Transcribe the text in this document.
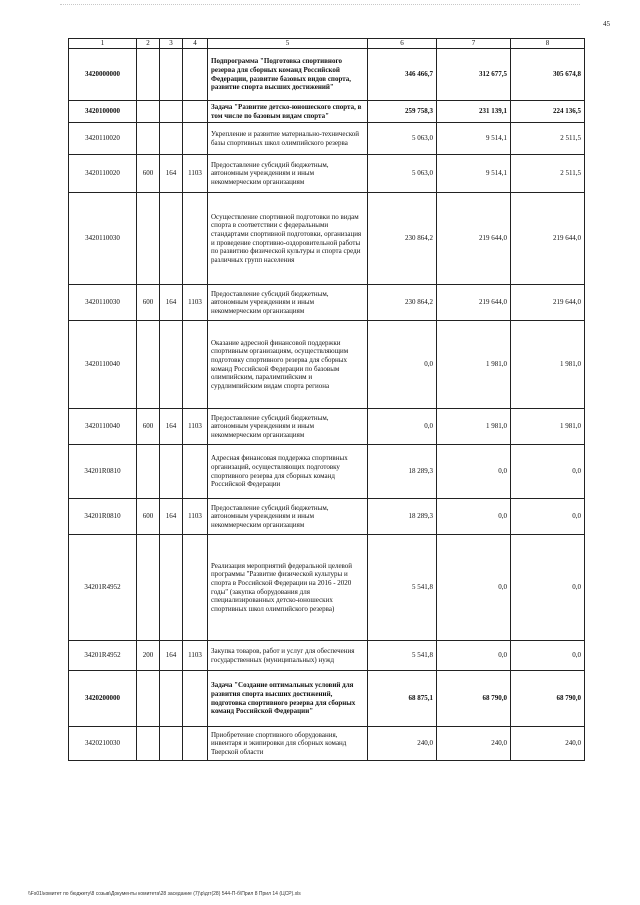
45
1	2	3	4	5	6	7	8
3420000000				Подпрограмма "Подготовка спортивного резерва для сборных команд Российской Федерации, развитие базовых видов спорта, развитие спорта высших достижений"	346 466,7	312 677,5	305 674,8
3420100000				Задача "Развитие детско-юношеского спорта, в том числе по базовым видам спорта"	259 758,3	231 139,1	224 136,5
3420110020				Укрепление и развитие материально-технической базы спортивных школ олимпийского резерва	5 063,0	9 514,1	2 511,5
3420110020	600	164	1103	Предоставление субсидий бюджетным, автономным учреждениям и иным некоммерческим организациям	5 063,0	9 514,1	2 511,5
3420110030				Осуществление спортивной подготовки по видам спорта в соответствии с федеральными стандартами спортивной подготовки, организация и проведение спортивно-оздоровительной работы по развитию физической культуры и спорта среди различных групп населения	230 864,2	219 644,0	219 644,0
3420110030	600	164	1103	Предоставление субсидий бюджетным, автономным учреждениям и иным некоммерческим организациям	230 864,2	219 644,0	219 644,0
3420110040				Оказание адресной финансовой поддержки спортивным организациям, осуществляющим подготовку спортивного резерва для сборных команд Российской Федерации по базовым олимпийским, паралимпийским и сурдлимпийским видам спорта региона	0,0	1 981,0	1 981,0
3420110040	600	164	1103	Предоставление субсидий бюджетным, автономным учреждениям и иным некоммерческим организациям	0,0	1 981,0	1 981,0
34201R0810				Адресная финансовая поддержка спортивных организаций, осуществляющих подготовку спортивного резерва для сборных команд Российской Федерации	18 289,3	0,0	0,0
34201R0810	600	164	1103	Предоставление субсидий бюджетным, автономным учреждениям и иным некоммерческим организациям	18 289,3	0,0	0,0
34201R4952				Реализация мероприятий федеральной целевой программы "Развитие физической культуры и спорта в Российской Федерации на 2016 - 2020 годы" (закупка оборудования для специализированных детско-юношеских спортивных школ олимпийского резерва)	5 541,8	0,0	0,0
34201R4952	200	164	1103	Закупка товаров, работ и услуг для обеспечения государственных (муниципальных) нужд	5 541,8	0,0	0,0
3420200000				Задача "Создание оптимальных условий для развития спорта высших достижений, подготовка спортивного резерва для сборных команд Российской Федерации"	68 875,1	68 790,0	68 790,0
3420210030				Приобретение спортивного оборудования, инвентаря и экипировки для сборных команд Тверской области	240,0	240,0	240,0
\\Fs01\комитет по бюджету\8 созыв\Документы комитета\28 заседание (7)\р\дгг(28) 544-П-б\Прил 8 Прил 14 (ЦСР).xls
